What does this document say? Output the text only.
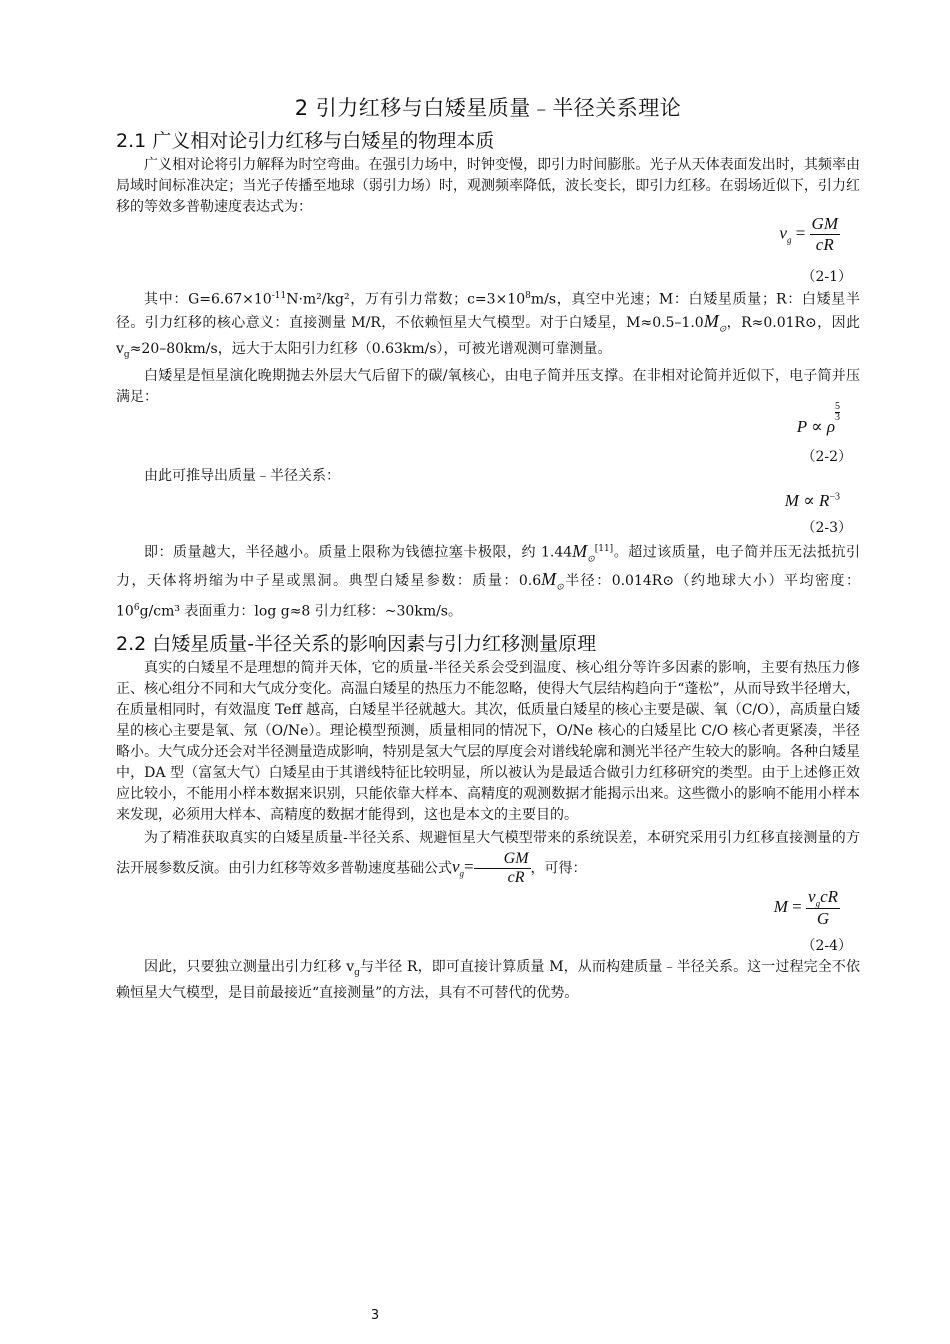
2 引力红移与白矮星质量﹣半径关系理论
2.1 广义相对论引力红移与白矮星的物理本质

广义相对论将引力解释为时空弯曲。在强引力场中，时钟变慢，即引力时间膨胀。光子从天体表面发出时，其频率由局域时间标准决定；当光子传播至地球（弱引力场）时，观测频率降低，波长变长，即引力红移。在弱场近似下，引力红移的等效多普勒速度表达式为：

$v_g = \frac{GM}{cR}$
（2-1）

其中：$G=6.67\times 10^{-11}N\cdot m^2$/kg²，万有引力常数；$c=3\times 10^8m/s$，真空中光速；M：白矮星质量；R：白矮星半径。引力红移的核心意义：直接测量 M/R，不依赖恒星大气模型。对于白矮星，$M\approx 0.5-1.0M_⊙$，R≈0.01R⊙，因此 $v_g\approx 20-80km/s$，远大于太阳引力红移（0.63km/s），可被光谱观测可靠测量。

白矮星是恒星演化晚期抛去外层大气后留下的碳/氧核心，由电子简并压支撑。在非相对论简并近似下，电子简并压满足：

P ∝ ρ
$\frac{5}{3}$
（2-2）

由此可推导出质量﹣半径关系：

$M \propto R^{-3}$
（2-3）

即：质量越大，半径越小。质量上限称为钱德拉塞卡极限，约 $1.44M_⊙[11]$。超过该质量，电子简并压无法抵抗引力，天体将坍缩为中子星或黑洞。典型白矮星参数：质量：$0.6M_⊙$半径：0.014R⊙（约地球大小）平均密度：$10^6g$/cm³ 表面重力：log g≈8 引力红移：~30km/s。

2.2 白矮星质量-半径关系的影响因素与引力红移测量原理

真实的白矮星不是理想的简并天体，它的质量-半径关系会受到温度、核心组分等许多因素的影响，主要有热压力修正、核心组分不同和大气成分变化。高温白矮星的热压力不能忽略，使得大气层结构趋向于“蓬松”，从而导致半径增大，在质量相同时，有效温度 Teff 越高，白矮星半径就越大。其次，低质量白矮星的核心主要是碳、氧（C/O），高质量白矮星的核心主要是氧、氖（O/Ne）。理论模型预测，质量相同的情况下，O/Ne 核心的白矮星比 C/O 核心者更紧凑，半径略小。大气成分还会对半径测量造成影响，特别是氢大气层的厚度会对谱线轮廓和测光半径产生较大的影响。各种白矮星中，DA 型（富氢大气）白矮星由于其谱线特征比较明显，所以被认为是最适合做引力红移研究的类型。由于上述修正效应比较小，不能用小样本数据来识别，只能依靠大样本、高精度的观测数据才能揭示出来。这些微小的影响不能用小样本来发现，必须用大样本、高精度的数据才能得到，这也是本文的主要目的。

为了精准获取真实的白矮星质量-半径关系、规避恒星大气模型带来的系统误差，本研究采用引力红移直接测量的方法开展参数反演。由引力红移等效多普勒速度基础公式$v_g= \frac{GM}{cR}$ ，可得：

$M = \frac{v_gcR}{G}$
（2-4）

因此，只要独立测量出引力红移 $v_g$与半径 R，即可直接计算质量 M，从而构建质量﹣半径关系。这一过程完全不依赖恒星大气模型，是目前最接近“直接测量”的方法，具有不可替代的优势。

3
